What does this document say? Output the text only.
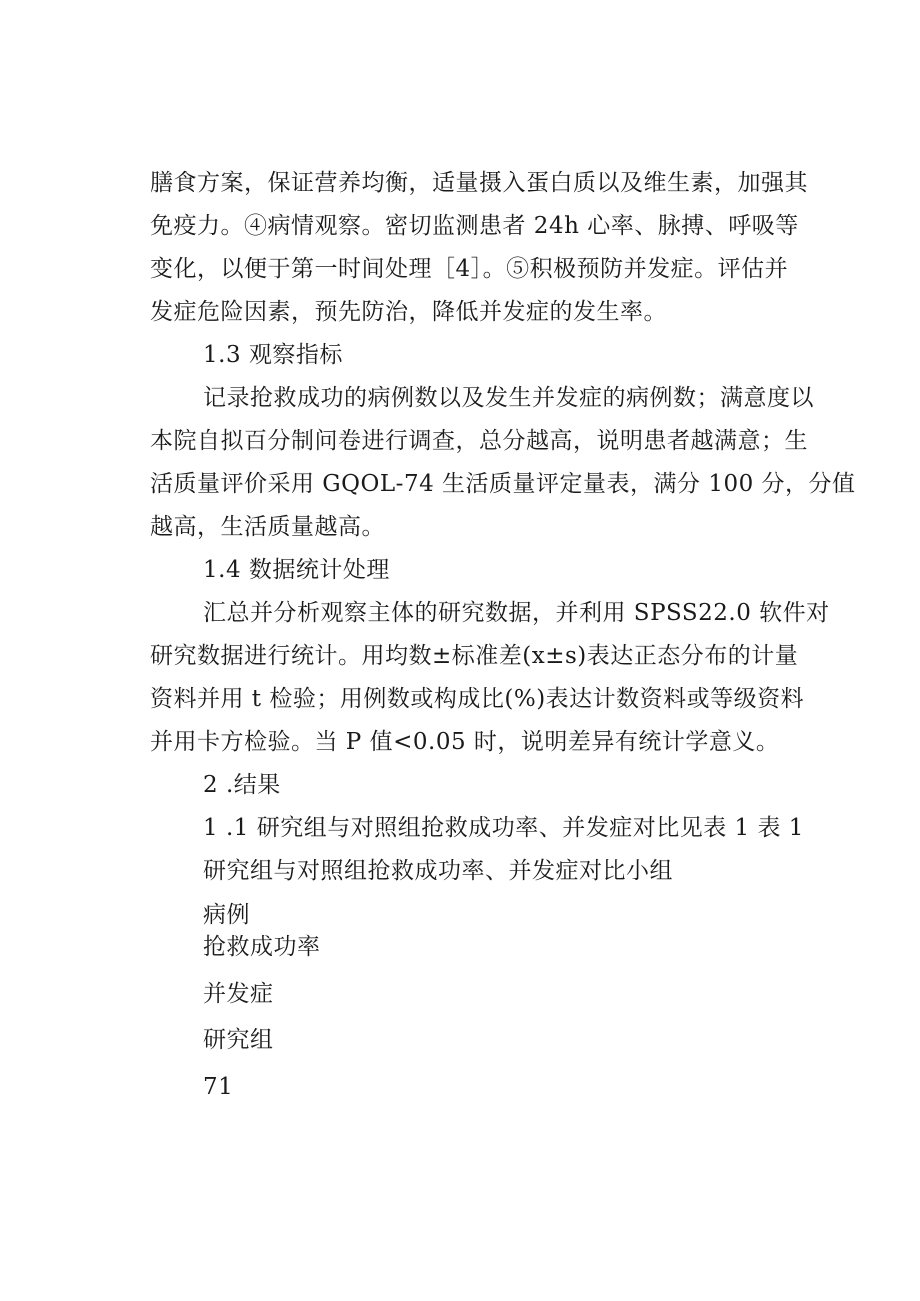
膳食方案，保证营养均衡，适量摄入蛋白质以及维生素，加强其
免疫力。④病情观察。密切监测患者 24h 心率、脉搏、呼吸等
变化，以便于第一时间处理［4］。⑤积极预防并发症。评估并
发症危险因素，预先防治，降低并发症的发生率。
1.3 观察指标
记录抢救成功的病例数以及发生并发症的病例数；满意度以
本院自拟百分制问卷进行调查，总分越高，说明患者越满意；生
活质量评价采用 GQOL-74 生活质量评定量表，满分 100 分，分值
越高，生活质量越高。
1.4 数据统计处理
汇总并分析观察主体的研究数据，并利用 SPSS22.0 软件对
研究数据进行统计。用均数±标准差(x±s)表达正态分布的计量
资料并用 t 检验；用例数或构成比(%)表达计数资料或等级资料
并用卡方检验。当 P 值<0.05 时，说明差异有统计学意义。
2 .结果
1 .1 研究组与对照组抢救成功率、并发症对比见表 1 表 1
研究组与对照组抢救成功率、并发症对比小组
病例
抢救成功率
并发症
研究组
71
